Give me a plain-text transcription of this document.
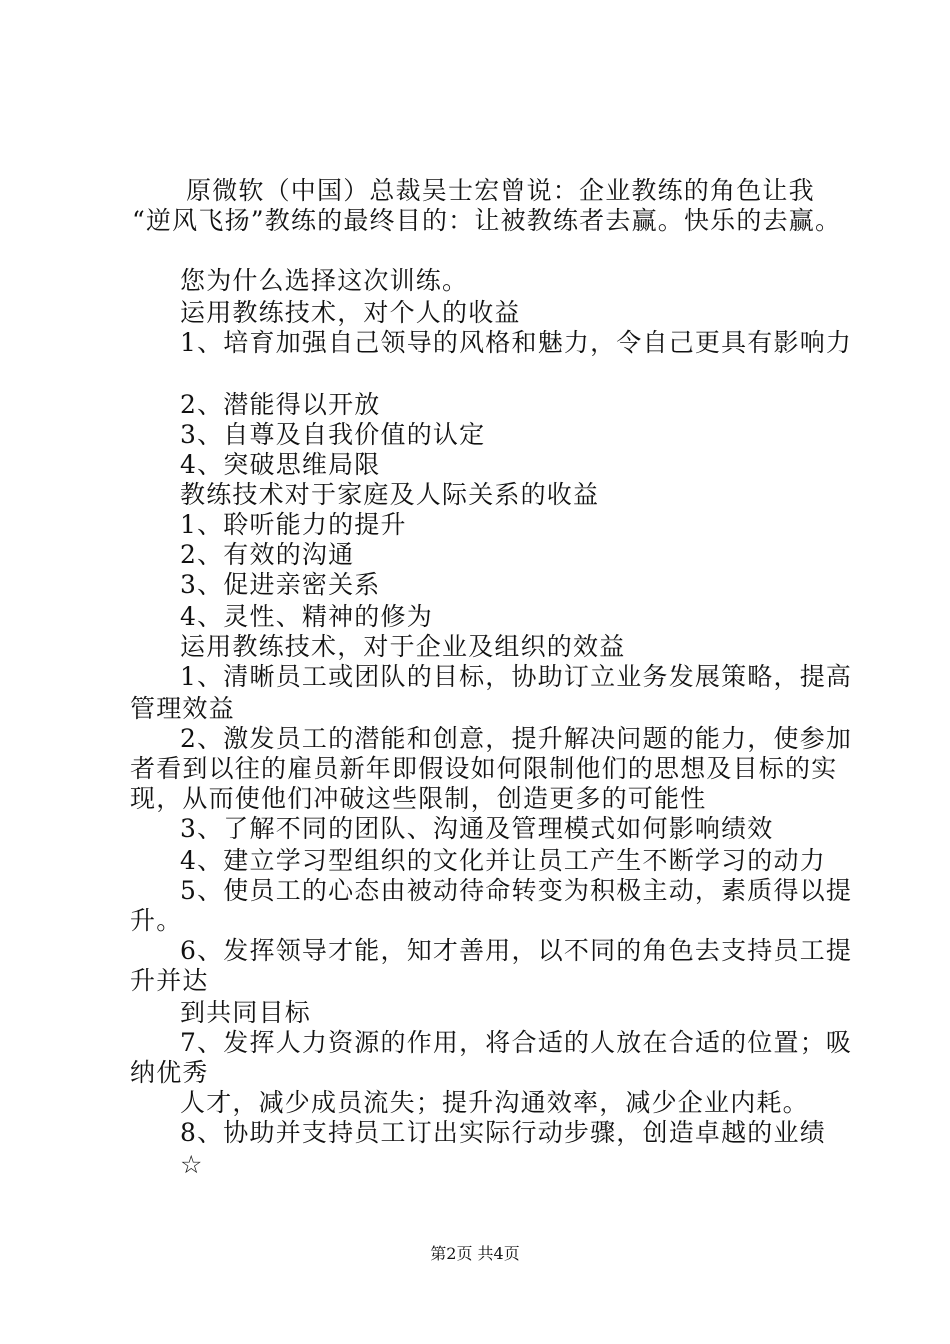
原微软（中国）总裁吴士宏曾说：企业教练的角色让我
“逆风飞扬”教练的最终目的：让被教练者去赢。快乐的去赢。
您为什么选择这次训练。
运用教练技术，对个人的收益
1、培育加强自己领导的风格和魅力，令自己更具有影响力
2、潜能得以开放
3、自尊及自我价值的认定
4、突破思维局限
教练技术对于家庭及人际关系的收益
1、聆听能力的提升
2、有效的沟通
3、促进亲密关系
4、灵性、精神的修为
运用教练技术，对于企业及组织的效益
1、清晰员工或团队的目标，协助订立业务发展策略，提高
管理效益
2、激发员工的潜能和创意，提升解决问题的能力，使参加
者看到以往的雇员新年即假设如何限制他们的思想及目标的实
现，从而使他们冲破这些限制，创造更多的可能性
3、了解不同的团队、沟通及管理模式如何影响绩效
4、建立学习型组织的文化并让员工产生不断学习的动力
5、使员工的心态由被动待命转变为积极主动，素质得以提
升。
6、发挥领导才能，知才善用，以不同的角色去支持员工提
升并达
到共同目标
7、发挥人力资源的作用，将合适的人放在合适的位置；吸
纳优秀
人才，减少成员流失；提升沟通效率，减少企业内耗。
8、协助并支持员工订出实际行动步骤，创造卓越的业绩
☆
第2页 共4页
